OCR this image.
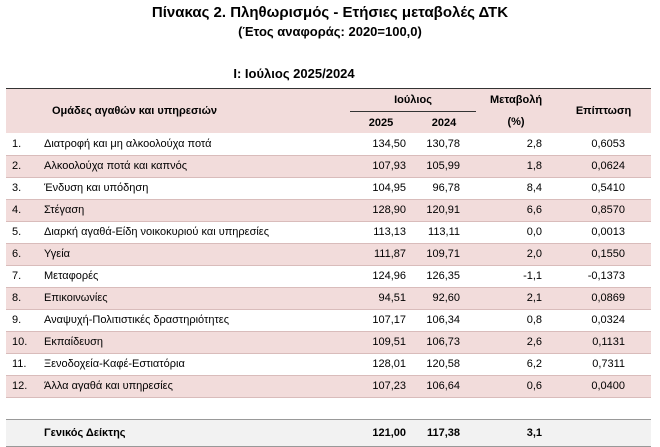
Πίνακας 2. Πληθωρισμός - Ετήσιες μεταβολές ΔΤΚ
(Έτος αναφοράς: 2020=100,0)
I: Ιούλιος 2025/2024
Ομάδες αγαθών και υπηρεσιών		Ιούλιος		Μεταβολή	Επίπτωση
		2025	2024	(%)	
1.	Διατροφή και μη αλκοολούχα ποτά	134,50	130,78	2,8	0,6053
2.	Αλκοολούχα ποτά και καπνός	107,93	105,99	1,8	0,0624
3.	Ένδυση και υπόδηση	104,95	96,78	8,4	0,5410
4.	Στέγαση	128,90	120,91	6,6	0,8570
5.	Διαρκή αγαθά-Είδη νοικοκυριού και υπηρεσίες	113,13	113,11	0,0	0,0013
6.	Υγεία	111,87	109,71	2,0	0,1550
7.	Μεταφορές	124,96	126,35	-1,1	-0,1373
8.	Επικοινωνίες	94,51	92,60	2,1	0,0869
9.	Αναψυχή-Πολιτιστικές δραστηριότητες	107,17	106,34	0,8	0,0324
10.	Εκπαίδευση	109,51	106,73	2,6	0,1131
11.	Ξενοδοχεία-Καφέ-Εστιατόρια	128,01	120,58	6,2	0,7311
12.	Άλλα αγαθά και υπηρεσίες	107,23	106,64	0,6	0,0400

	Γενικός Δείκτης	121,00	117,38	3,1	
